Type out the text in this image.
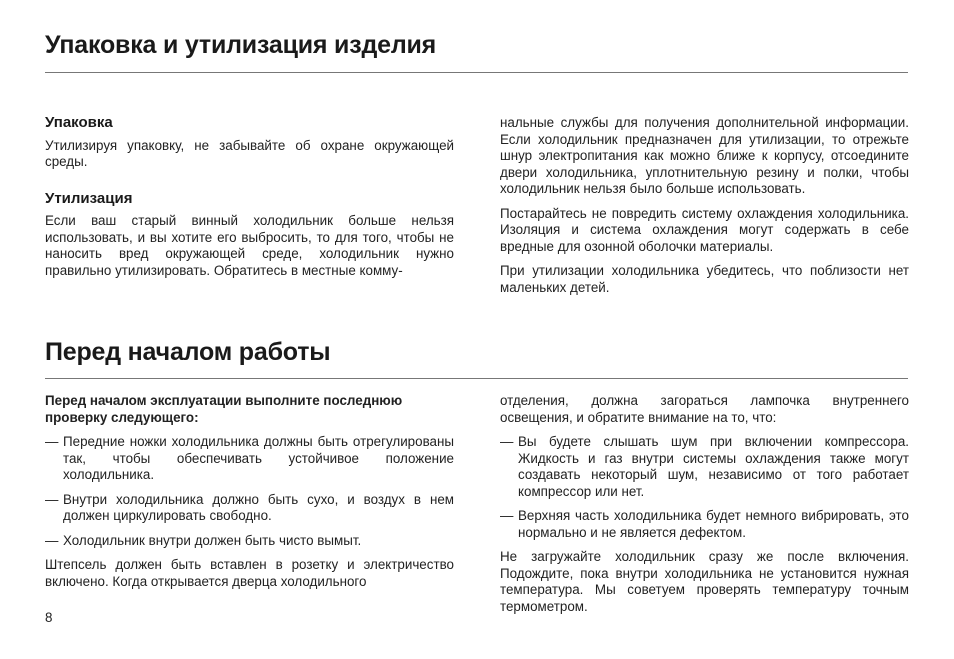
Упаковка и утилизация изделия
Упаковка

Утилизируя упаковку, не забывайте об охране окружающей среды.

Утилизация

Если ваш старый винный холодильник больше нельзя использовать, и вы хотите его выбросить, то для того, чтобы не наносить вред окружающей среде, холодильник нужно правильно утилизировать. Обратитесь в местные комму-

нальные службы для получения дополнительной информации. Если холодильник предназначен для утилизации, то отрежьте шнур электропитания как можно ближе к корпусу, отсоедините двери холодильника, уплотнительную резину и полки, чтобы холодильник нельзя было больше использовать.

Постарайтесь не повредить систему охлаждения холодильника. Изоляция и система охлаждения могут содержать в себе вредные для озонной оболочки материалы.

При утилизации холодильника убедитесь, что поблизости нет маленьких детей.

Перед началом работы

Перед началом эксплуатации выполните последнюю проверку следующего:

— Передние ножки холодильника должны быть отрегулированы так, чтобы обеспечивать устойчивое положение холодильника.
— Внутри холодильника должно быть сухо, и воздух в нем должен циркулировать свободно.
— Холодильник внутри должен быть чисто вымыт.

Штепсель должен быть вставлен в розетку и электричество включено. Когда открывается дверца холодильного

отделения, должна загораться лампочка внутреннего освещения, и обратите внимание на то, что:

— Вы будете слышать шум при включении компрессора. Жидкость и газ внутри системы охлаждения также могут создавать некоторый шум, независимо от того работает компрессор или нет.
— Верхняя часть холодильника будет немного вибрировать, это нормально и не является дефектом.

Не загружайте холодильник сразу же после включения. Подождите, пока внутри холодильника не установится нужная температура. Мы советуем проверять температуру точным термометром.

8
